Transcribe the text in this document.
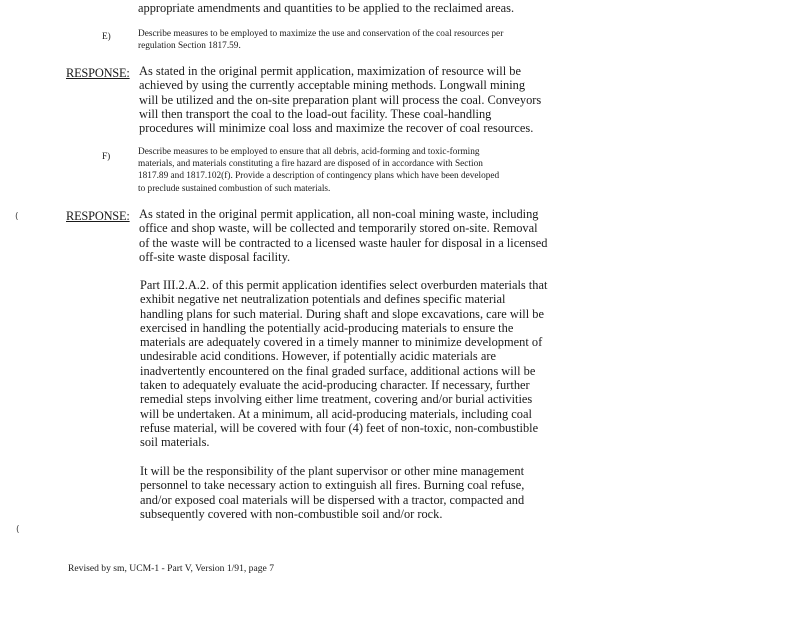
appropriate amendments and quantities to be applied to the reclaimed areas.
E)	Describe measures to be employed to maximize the use and conservation of the coal resources per
regulation Section 1817.59.
RESPONSE: As stated in the original permit application, maximization of resource will be
achieved by using the currently acceptable mining methods. Longwall mining
will be utilized and the on-site preparation plant will process the coal. Conveyors
will then transport the coal to the load-out facility. These coal-handling
procedures will minimize coal loss and maximize the recover of coal resources.
F)	Describe measures to be employed to ensure that all debris, acid-forming and toxic-forming
materials, and materials constituting a fire hazard are disposed of in accordance with Section
1817.89 and 1817.102(f). Provide a description of contingency plans which have been developed
to preclude sustained combustion of such materials.
RESPONSE: As stated in the original permit application, all non-coal mining waste, including
office and shop waste, will be collected and temporarily stored on-site. Removal
of the waste will be contracted to a licensed waste hauler for disposal in a licensed
off-site waste disposal facility.
Part III.2.A.2. of this permit application identifies select overburden materials that
exhibit negative net neutralization potentials and defines specific material
handling plans for such material. During shaft and slope excavations, care will be
exercised in handling the potentially acid-producing materials to ensure the
materials are adequately covered in a timely manner to minimize development of
undesirable acid conditions. However, if potentially acidic materials are
inadvertently encountered on the final graded surface, additional actions will be
taken to adequately evaluate the acid-producing character. If necessary, further
remedial steps involving either lime treatment, covering and/or burial activities
will be undertaken. At a minimum, all acid-producing materials, including coal
refuse material, will be covered with four (4) feet of non-toxic, non-combustible
soil materials.
It will be the responsibility of the plant supervisor or other mine management
personnel to take necessary action to extinguish all fires. Burning coal refuse,
and/or exposed coal materials will be dispersed with a tractor, compacted and
subsequently covered with non-combustible soil and/or rock.
Revised by sm, UCM-1 - Part V, Version 1/91, page 7
(
(
